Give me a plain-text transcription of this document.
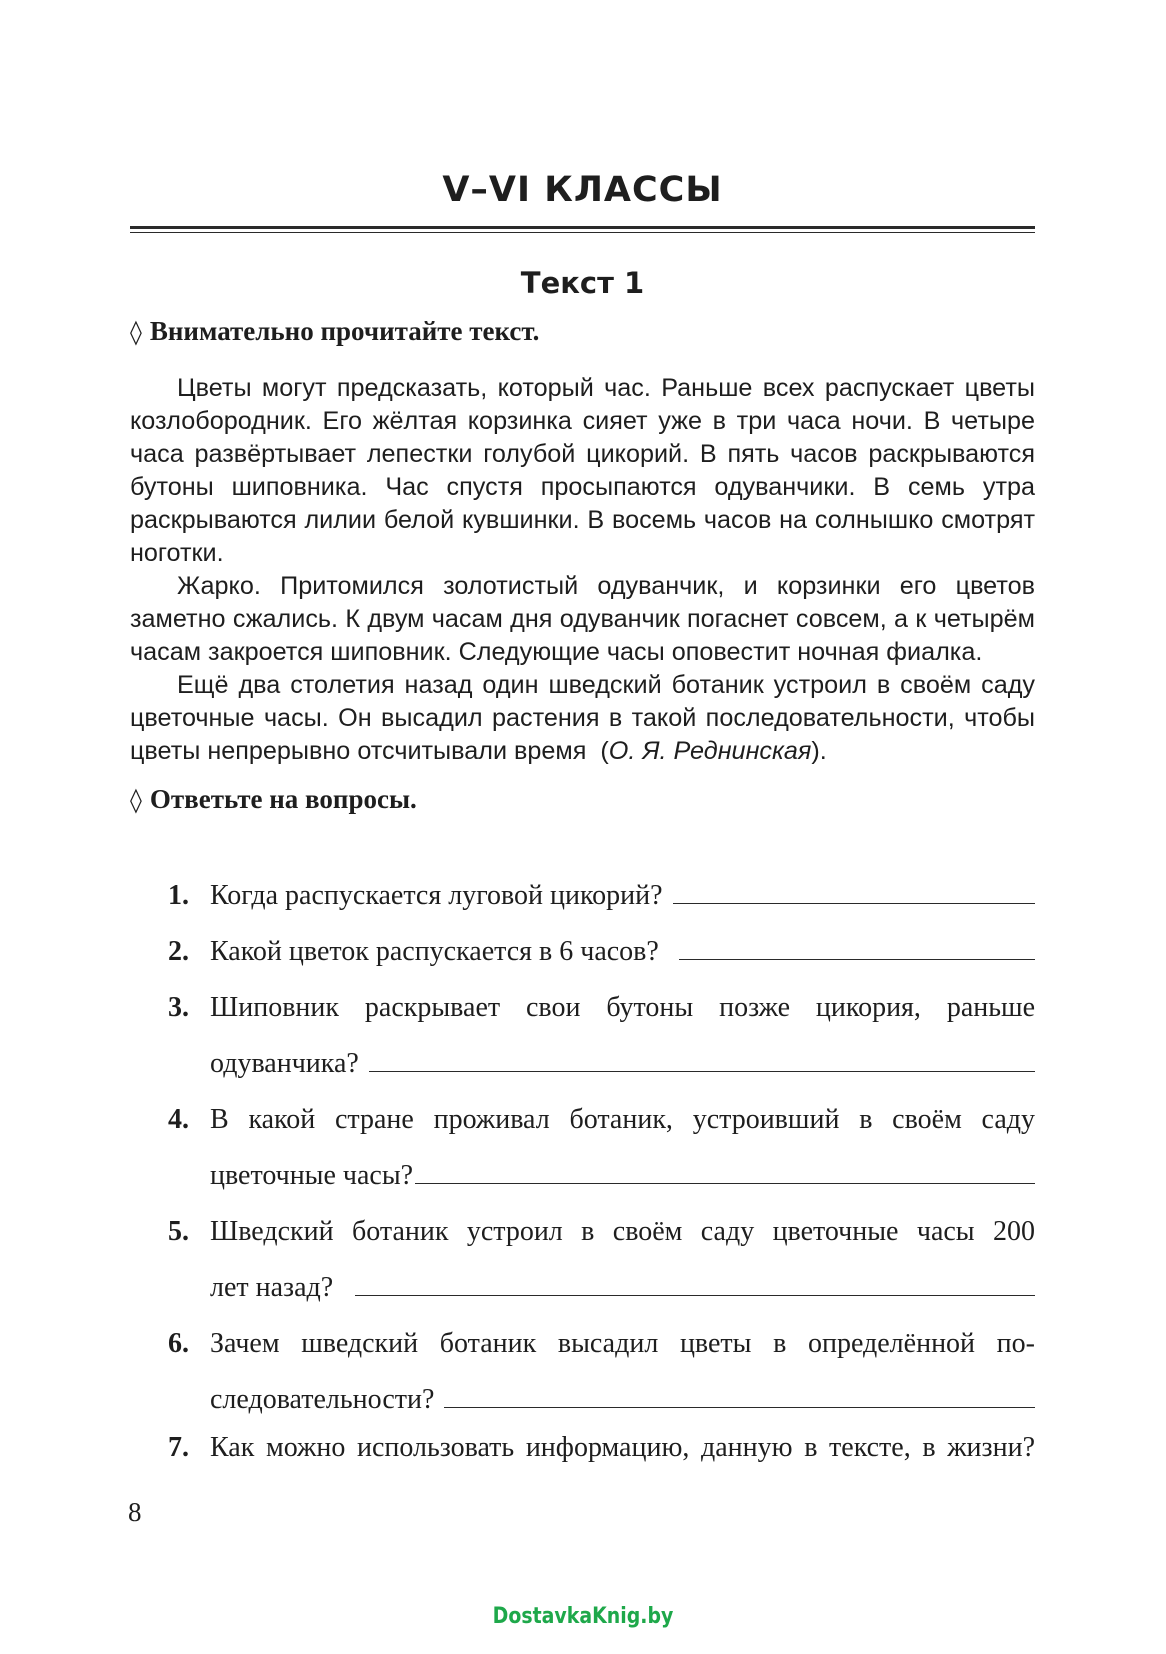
V–VI КЛАССЫ
Текст 1
◊ Внимательно прочитайте текст.

Цветы могут предсказать, который час. Раньше всех распускает цветы козлобородник. Его жёлтая корзинка сияет уже в три часа ночи. В четыре часа развёртывает лепестки голубой цикорий. В пять часов раскрываются бутоны шиповника. Час спустя просыпаются одуванчики. В семь утра раскрываются лилии белой кувшинки. В восемь часов на солнышко смотрят ноготки.

Жарко. Притомился золотистый одуванчик, и корзинки его цветов заметно сжались. К двум часам дня одуванчик погаснет совсем, а к четырём часам закроется шиповник. Следующие часы оповестит ночная фиалка.

Ещё два столетия назад один шведский ботаник устроил в своём саду цветочные часы. Он высадил растения в такой последовательности, чтобы цветы непрерывно отсчитывали время  (О. Я. Реднинская).

◊ Ответьте на вопросы.
1. Когда распускается луговой цикорий?
2. Какой цветок распускается в 6 часов?
3. Шиповник раскрывает свои бутоны позже цикория, раньше
одуванчика?
4. В какой стране проживал ботаник, устроивший в своём саду
цветочные часы?
5. Шведский ботаник устроил в своём саду цветочные часы 200
лет назад?
6. Зачем шведский ботаник высадил цветы в определённой по-
следовательности?
7. Как можно использовать информацию, данную в тексте, в жизни?
8
DostavkaKnig.by
